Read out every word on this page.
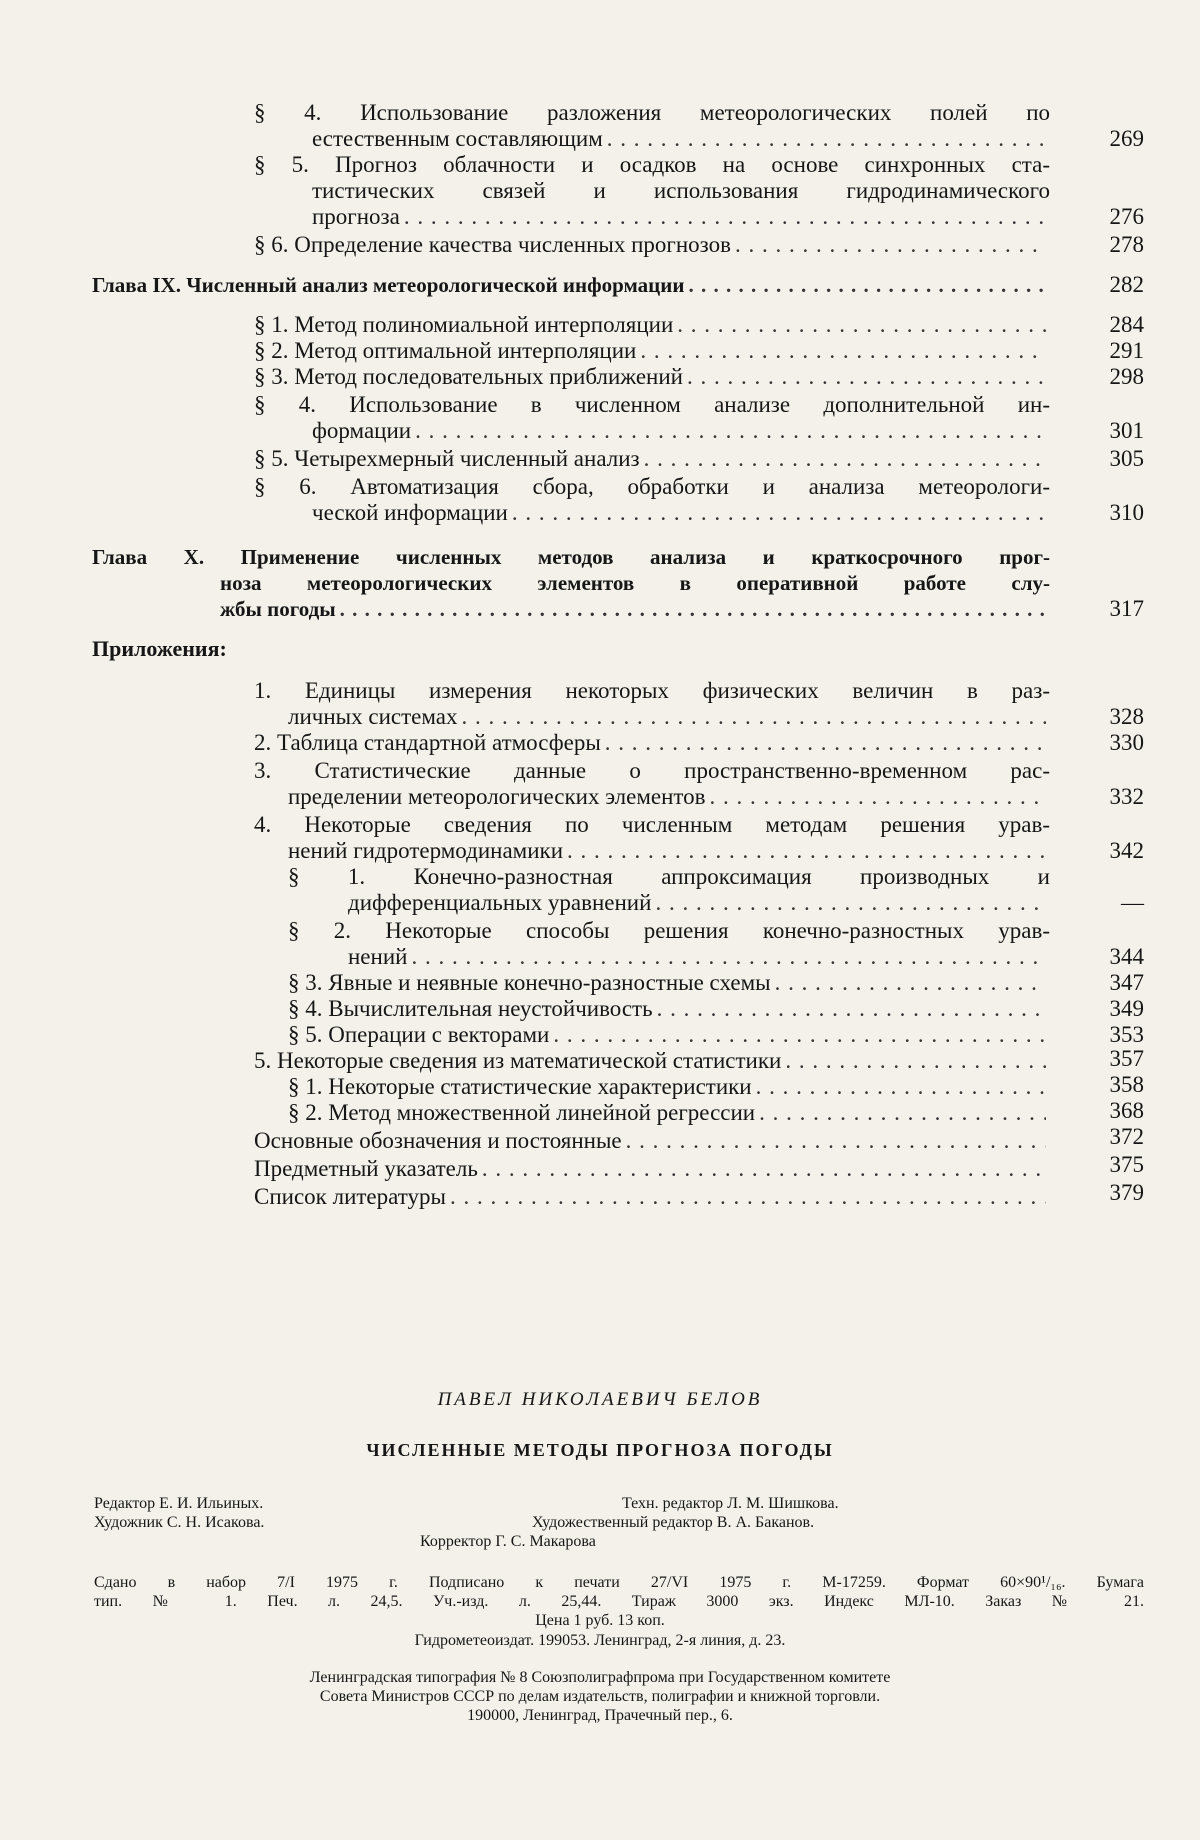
§ 4. Использование разложения метеорологических полей по
естественным составляющим . . .	269
§ 5. Прогноз облачности и осадков на основе синхронных ста-
тистических связей и использования гидродинамического
прогноза . . .	276
§ 6. Определение качества численных прогнозов . . .	278
Глава IX. Численный анализ метеорологической информации . . .	282
§ 1. Метод полиномиальной интерполяции . . .	284
§ 2. Метод оптимальной интерполяции . . .	291
§ 3. Метод последовательных приближений . . .	298
§ 4. Использование в численном анализе дополнительной ин-
формации . . .	301
§ 5. Четырехмерный численный анализ . . .	305
§ 6. Автоматизация сбора, обработки и анализа метеорологи-
ческой информации . . .	310
Глава X. Применение численных методов анализа и краткосрочного прог-
ноза метеорологических элементов в оперативной работе слу-
жбы погоды . . .	317
Приложения:
1. Единицы измерения некоторых физических величин в раз-
личных системах . . .	328
2. Таблица стандартной атмосферы . . .	330
3. Статистические данные о пространственно-временном рас-
пределении метеорологических элементов . . .	332
4. Некоторые сведения по численным методам решения урав-
нений гидротермодинамики . . .	342
§ 1. Конечно-разностная аппроксимация производных и
дифференциальных уравнений . . .	—
§ 2. Некоторые способы решения конечно-разностных урав-
нений . . .	344
§ 3. Явные и неявные конечно-разностные схемы . . .	347
§ 4. Вычислительная неустойчивость . . .	349
§ 5. Операции с векторами . . .	353
5. Некоторые сведения из математической статистики . . .	357
§ 1. Некоторые статистические характеристики . . .	358
§ 2. Метод множественной линейной регрессии . . .	368
Основные обозначения и постоянные . . .	372
Предметный указатель . . .	375
Список литературы . . .	379
ПАВЕЛ НИКОЛАЕВИЧ БЕЛОВ
ЧИСЛЕННЫЕ МЕТОДЫ ПРОГНОЗА ПОГОДЫ
Редактор Е. И. Ильиных.	Техн. редактор Л. М. Шишкова.
Художник С. Н. Исакова.	Художественный редактор В. А. Баканов.
Корректор Г. С. Макарова
Сдано в набор 7/I 1975 г. Подписано к печати 27/VI 1975 г. М-17259. Формат 60×90¹/₁₆. Бумага
тип. № 1. Печ. л. 24,5. Уч.-изд. л. 25,44. Тираж 3000 экз. Индекс МЛ-10. Заказ № 21.
Цена 1 руб. 13 коп.
Гидрометеоиздат. 199053. Ленинград, 2-я линия, д. 23.
Ленинградская типография № 8 Союзполиграфпрома при Государственном комитете
Совета Министров СССР по делам издательств, полиграфии и книжной торговли.
190000, Ленинград, Прачечный пер., 6.
